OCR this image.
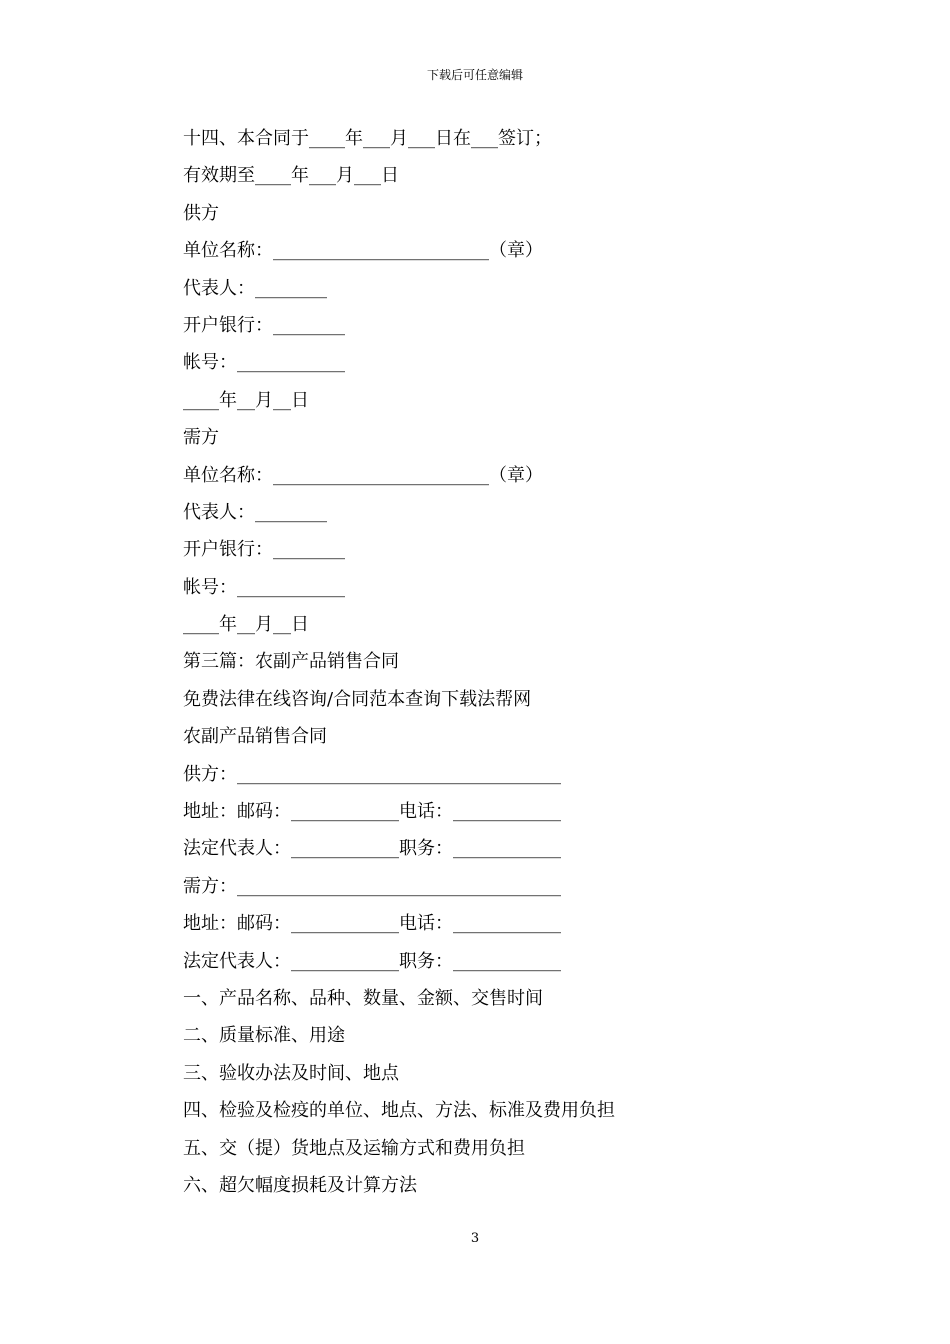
下载后可任意编辑
十四、本合同于____年___月___日在___签订；
有效期至____年___月___日
供方
单位名称：________________________（章）
代表人：________
开户银行：________
帐号：____________
____年__月__日
需方
单位名称：________________________（章）
代表人：________
开户银行：________
帐号：____________
____年__月__日
第三篇：农副产品销售合同
免费法律在线咨询/合同范本查询下载法帮网
农副产品销售合同
供方：____________________________________
地址：邮码：____________电话：____________
法定代表人：____________职务：____________
需方：____________________________________
地址：邮码：____________电话：____________
法定代表人：____________职务：____________
一、产品名称、品种、数量、金额、交售时间
二、质量标准、用途
三、验收办法及时间、地点
四、检验及检疫的单位、地点、方法、标准及费用负担
五、交（提）货地点及运输方式和费用负担
六、超欠幅度损耗及计算方法
3
